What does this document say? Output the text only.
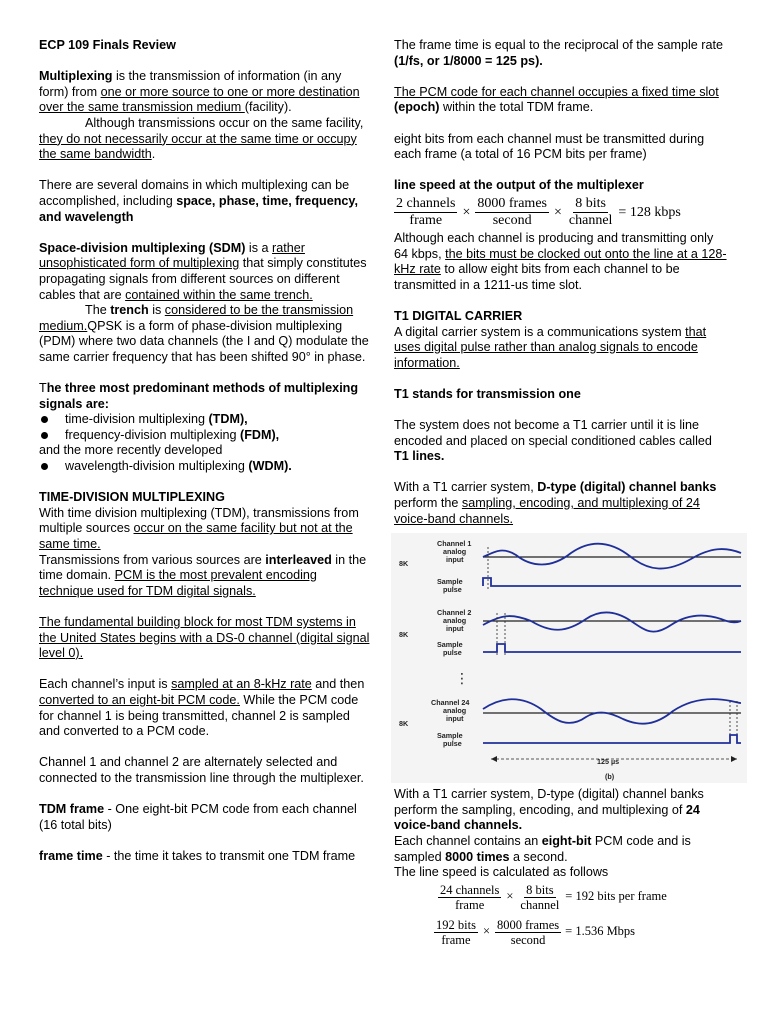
ECP 109 Finals Review

Multiplexing is the transmission of information (in any form) from one or more source to one or more destination over the same transmission medium (facility).

Although transmissions occur on the same facility, they do not necessarily occur at the same time or occupy the same bandwidth.

There are several domains in which multiplexing can be accomplished, including space, phase, time, frequency, and wavelength

Space-division multiplexing (SDM) is a rather unsophisticated form of multiplexing that simply constitutes propagating signals from different sources on different cables that are contained within the same trench.

The trench is considered to be the transmission medium.QPSK is a form of phase-division multiplexing (PDM) where two data channels (the I and Q) modulate the same carrier frequency that has been shifted 90° in phase.

The three most predominant methods of multiplexing signals are:

time-division multiplexing (TDM),
frequency-division multiplexing (FDM),
and the more recently developed
wavelength-division multiplexing (WDM).
TIME-DIVISION MULTIPLEXING
With time division multiplexing (TDM), transmissions from multiple sources occur on the same facility but not at the same time.

Transmissions from various sources are interleaved in the time domain. PCM is the most prevalent encoding technique used for TDM digital signals.

The fundamental building block for most TDM systems in the United States begins with a DS-0 channel (digital signal level 0).

Each channel’s input is sampled at an 8-kHz rate and then converted to an eight-bit PCM code. While the PCM code for channel 1 is being transmitted, channel 2 is sampled and converted to a PCM code.

Channel 1 and channel 2 are alternately selected and connected to the transmission line through the multiplexer.

TDM frame - One eight-bit PCM code from each channel (16 total bits)

frame time - the time it takes to transmit one TDM frame

The frame time is equal to the reciprocal of the sample rate (1/fs, or 1/8000 = 125 ps).

The PCM code for each channel occupies a fixed time slot (epoch) within the total TDM frame.

eight bits from each channel must be transmitted during each frame (a total of 16 PCM bits per frame)

line speed at the output of the multiplexer
$\frac{\text{2 channels}}{\text{frame}} \times \frac{\text{8000 frames}}{\text{second}} \times \frac{\text{8 bits}}{\text{channel}} = 128$ kbps

Although each channel is producing and transmitting only 64 kbps, the bits must be clocked out onto the line at a 128-kHz rate to allow eight bits from each channel to be transmitted in a 1211-us time slot.

T1 DIGITAL CARRIER

A digital carrier system is a communications system that uses digital pulse rather than analog signals to encode information.

T1 stands for transmission one

The system does not become a T1 carrier until it is line encoded and placed on special conditioned cables called T1 lines.

With a T1 carrier system, D-type (digital) channel banks perform the sampling, encoding, and multiplexing of 24 voice-band channels.
Channel 1
analog
input
8K
Sample
pulse
Channel 2
analog
input
8K
Sample
pulse
⋮
Channel 24
analog
input
8K
Sample
pulse
125 µs
(b)
With a T1 carrier system, D-type (digital) channel banks perform the sampling, encoding, and multiplexing of 24 voice-band channels.
Each channel contains an eight-bit PCM code and is sampled 8000 times a second.
The line speed is calculated as follows
$\frac{\text{24 channels}}{\text{frame}} \times \frac{\text{8 bits}}{\text{channel}} = 192$ bits per frame
$\frac{\text{192 bits}}{\text{frame}} \times \frac{\text{8000 frames}}{\text{second}} = 1.536$ Mbps
